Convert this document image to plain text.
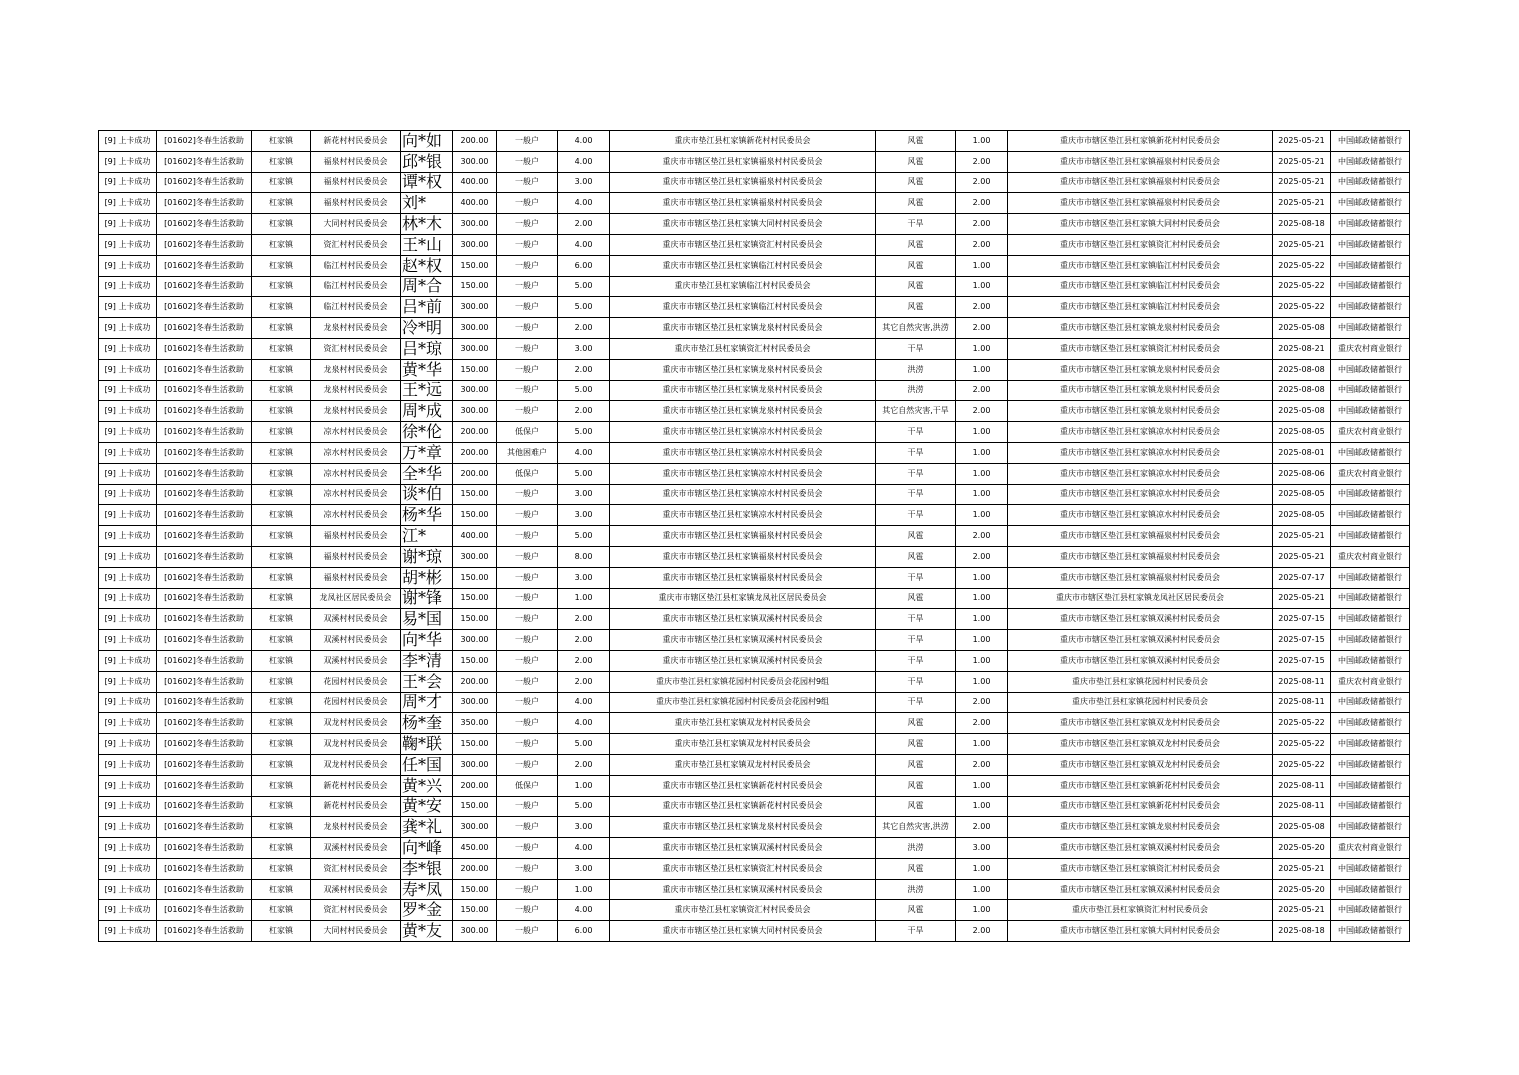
[9] 上卡成功	[01602]冬春生活救助	杠家镇	新花村村民委员会	向*如	200.00	一般户	4.00	重庆市垫江县杠家镇新花村村民委员会	风雹	1.00	重庆市市辖区垫江县杠家镇新花村村民委员会	2025-05-21	中国邮政储蓄银行
[9] 上卡成功	[01602]冬春生活救助	杠家镇	福泉村村民委员会	邱*银	300.00	一般户	4.00	重庆市市辖区垫江县杠家镇福泉村村民委员会	风雹	2.00	重庆市市辖区垫江县杠家镇福泉村村民委员会	2025-05-21	中国邮政储蓄银行
[9] 上卡成功	[01602]冬春生活救助	杠家镇	福泉村村民委员会	谭*权	400.00	一般户	3.00	重庆市市辖区垫江县杠家镇福泉村村民委员会	风雹	2.00	重庆市市辖区垫江县杠家镇福泉村村民委员会	2025-05-21	中国邮政储蓄银行
[9] 上卡成功	[01602]冬春生活救助	杠家镇	福泉村村民委员会	刘*	400.00	一般户	4.00	重庆市市辖区垫江县杠家镇福泉村村民委员会	风雹	2.00	重庆市市辖区垫江县杠家镇福泉村村民委员会	2025-05-21	中国邮政储蓄银行
[9] 上卡成功	[01602]冬春生活救助	杠家镇	大同村村民委员会	林*木	300.00	一般户	2.00	重庆市市辖区垫江县杠家镇大同村村民委员会	干旱	2.00	重庆市市辖区垫江县杠家镇大同村村民委员会	2025-08-18	中国邮政储蓄银行
[9] 上卡成功	[01602]冬春生活救助	杠家镇	资汇村村民委员会	王*山	300.00	一般户	4.00	重庆市市辖区垫江县杠家镇资汇村村民委员会	风雹	2.00	重庆市市辖区垫江县杠家镇资汇村村民委员会	2025-05-21	中国邮政储蓄银行
[9] 上卡成功	[01602]冬春生活救助	杠家镇	临江村村民委员会	赵*权	150.00	一般户	6.00	重庆市市辖区垫江县杠家镇临江村村民委员会	风雹	1.00	重庆市市辖区垫江县杠家镇临江村村民委员会	2025-05-22	中国邮政储蓄银行
[9] 上卡成功	[01602]冬春生活救助	杠家镇	临江村村民委员会	周*合	150.00	一般户	5.00	重庆市垫江县杠家镇临江村村民委员会	风雹	1.00	重庆市市辖区垫江县杠家镇临江村村民委员会	2025-05-22	中国邮政储蓄银行
[9] 上卡成功	[01602]冬春生活救助	杠家镇	临江村村民委员会	吕*前	300.00	一般户	5.00	重庆市市辖区垫江县杠家镇临江村村民委员会	风雹	2.00	重庆市市辖区垫江县杠家镇临江村村民委员会	2025-05-22	中国邮政储蓄银行
[9] 上卡成功	[01602]冬春生活救助	杠家镇	龙泉村村民委员会	冷*明	300.00	一般户	2.00	重庆市市辖区垫江县杠家镇龙泉村村民委员会	其它自然灾害,洪涝	2.00	重庆市市辖区垫江县杠家镇龙泉村村民委员会	2025-05-08	中国邮政储蓄银行
[9] 上卡成功	[01602]冬春生活救助	杠家镇	资汇村村民委员会	吕*琼	300.00	一般户	3.00	重庆市垫江县杠家镇资汇村村民委员会	干旱	1.00	重庆市市辖区垫江县杠家镇资汇村村民委员会	2025-08-21	重庆农村商业银行
[9] 上卡成功	[01602]冬春生活救助	杠家镇	龙泉村村民委员会	黄*华	150.00	一般户	2.00	重庆市市辖区垫江县杠家镇龙泉村村民委员会	洪涝	1.00	重庆市市辖区垫江县杠家镇龙泉村村民委员会	2025-08-08	中国邮政储蓄银行
[9] 上卡成功	[01602]冬春生活救助	杠家镇	龙泉村村民委员会	王*远	300.00	一般户	5.00	重庆市市辖区垫江县杠家镇龙泉村村民委员会	洪涝	2.00	重庆市市辖区垫江县杠家镇龙泉村村民委员会	2025-08-08	中国邮政储蓄银行
[9] 上卡成功	[01602]冬春生活救助	杠家镇	龙泉村村民委员会	周*成	300.00	一般户	2.00	重庆市市辖区垫江县杠家镇龙泉村村民委员会	其它自然灾害,干旱	2.00	重庆市市辖区垫江县杠家镇龙泉村村民委员会	2025-05-08	中国邮政储蓄银行
[9] 上卡成功	[01602]冬春生活救助	杠家镇	凉水村村民委员会	徐*伦	200.00	低保户	5.00	重庆市市辖区垫江县杠家镇凉水村村民委员会	干旱	1.00	重庆市市辖区垫江县杠家镇凉水村村民委员会	2025-08-05	重庆农村商业银行
[9] 上卡成功	[01602]冬春生活救助	杠家镇	凉水村村民委员会	万*章	200.00	其他困难户	4.00	重庆市市辖区垫江县杠家镇凉水村村民委员会	干旱	1.00	重庆市市辖区垫江县杠家镇凉水村村民委员会	2025-08-01	中国邮政储蓄银行
[9] 上卡成功	[01602]冬春生活救助	杠家镇	凉水村村民委员会	全*华	200.00	低保户	5.00	重庆市市辖区垫江县杠家镇凉水村村民委员会	干旱	1.00	重庆市市辖区垫江县杠家镇凉水村村民委员会	2025-08-06	重庆农村商业银行
[9] 上卡成功	[01602]冬春生活救助	杠家镇	凉水村村民委员会	谈*伯	150.00	一般户	3.00	重庆市市辖区垫江县杠家镇凉水村村民委员会	干旱	1.00	重庆市市辖区垫江县杠家镇凉水村村民委员会	2025-08-05	中国邮政储蓄银行
[9] 上卡成功	[01602]冬春生活救助	杠家镇	凉水村村民委员会	杨*华	150.00	一般户	3.00	重庆市市辖区垫江县杠家镇凉水村村民委员会	干旱	1.00	重庆市市辖区垫江县杠家镇凉水村村民委员会	2025-08-05	中国邮政储蓄银行
[9] 上卡成功	[01602]冬春生活救助	杠家镇	福泉村村民委员会	江*	400.00	一般户	5.00	重庆市市辖区垫江县杠家镇福泉村村民委员会	风雹	2.00	重庆市市辖区垫江县杠家镇福泉村村民委员会	2025-05-21	中国邮政储蓄银行
[9] 上卡成功	[01602]冬春生活救助	杠家镇	福泉村村民委员会	谢*琼	300.00	一般户	8.00	重庆市市辖区垫江县杠家镇福泉村村民委员会	风雹	2.00	重庆市市辖区垫江县杠家镇福泉村村民委员会	2025-05-21	重庆农村商业银行
[9] 上卡成功	[01602]冬春生活救助	杠家镇	福泉村村民委员会	胡*彬	150.00	一般户	3.00	重庆市市辖区垫江县杠家镇福泉村村民委员会	干旱	1.00	重庆市市辖区垫江县杠家镇福泉村村民委员会	2025-07-17	中国邮政储蓄银行
[9] 上卡成功	[01602]冬春生活救助	杠家镇	龙凤社区居民委员会	谢*锋	150.00	一般户	1.00	重庆市市辖区垫江县杠家镇龙凤社区居民委员会	风雹	1.00	重庆市市辖区垫江县杠家镇龙凤社区居民委员会	2025-05-21	中国邮政储蓄银行
[9] 上卡成功	[01602]冬春生活救助	杠家镇	双溪村村民委员会	易*国	150.00	一般户	2.00	重庆市市辖区垫江县杠家镇双溪村村民委员会	干旱	1.00	重庆市市辖区垫江县杠家镇双溪村村民委员会	2025-07-15	中国邮政储蓄银行
[9] 上卡成功	[01602]冬春生活救助	杠家镇	双溪村村民委员会	向*华	300.00	一般户	2.00	重庆市市辖区垫江县杠家镇双溪村村民委员会	干旱	1.00	重庆市市辖区垫江县杠家镇双溪村村民委员会	2025-07-15	中国邮政储蓄银行
[9] 上卡成功	[01602]冬春生活救助	杠家镇	双溪村村民委员会	李*清	150.00	一般户	2.00	重庆市市辖区垫江县杠家镇双溪村村民委员会	干旱	1.00	重庆市市辖区垫江县杠家镇双溪村村民委员会	2025-07-15	中国邮政储蓄银行
[9] 上卡成功	[01602]冬春生活救助	杠家镇	花园村村民委员会	王*会	200.00	一般户	2.00	重庆市垫江县杠家镇花园村村民委员会花园村9组	干旱	1.00	重庆市垫江县杠家镇花园村村民委员会	2025-08-11	重庆农村商业银行
[9] 上卡成功	[01602]冬春生活救助	杠家镇	花园村村民委员会	周*才	300.00	一般户	4.00	重庆市垫江县杠家镇花园村村民委员会花园村9组	干旱	2.00	重庆市垫江县杠家镇花园村村民委员会	2025-08-11	中国邮政储蓄银行
[9] 上卡成功	[01602]冬春生活救助	杠家镇	双龙村村民委员会	杨*奎	350.00	一般户	4.00	重庆市垫江县杠家镇双龙村村民委员会	风雹	2.00	重庆市市辖区垫江县杠家镇双龙村村民委员会	2025-05-22	中国邮政储蓄银行
[9] 上卡成功	[01602]冬春生活救助	杠家镇	双龙村村民委员会	鞠*联	150.00	一般户	5.00	重庆市垫江县杠家镇双龙村村民委员会	风雹	1.00	重庆市市辖区垫江县杠家镇双龙村村民委员会	2025-05-22	中国邮政储蓄银行
[9] 上卡成功	[01602]冬春生活救助	杠家镇	双龙村村民委员会	任*国	300.00	一般户	2.00	重庆市垫江县杠家镇双龙村村民委员会	风雹	2.00	重庆市市辖区垫江县杠家镇双龙村村民委员会	2025-05-22	中国邮政储蓄银行
[9] 上卡成功	[01602]冬春生活救助	杠家镇	新花村村民委员会	黄*兴	200.00	低保户	1.00	重庆市市辖区垫江县杠家镇新花村村民委员会	风雹	1.00	重庆市市辖区垫江县杠家镇新花村村民委员会	2025-08-11	中国邮政储蓄银行
[9] 上卡成功	[01602]冬春生活救助	杠家镇	新花村村民委员会	黄*安	150.00	一般户	5.00	重庆市市辖区垫江县杠家镇新花村村民委员会	风雹	1.00	重庆市市辖区垫江县杠家镇新花村村民委员会	2025-08-11	中国邮政储蓄银行
[9] 上卡成功	[01602]冬春生活救助	杠家镇	龙泉村村民委员会	龚*礼	300.00	一般户	3.00	重庆市市辖区垫江县杠家镇龙泉村村民委员会	其它自然灾害,洪涝	2.00	重庆市市辖区垫江县杠家镇龙泉村村民委员会	2025-05-08	中国邮政储蓄银行
[9] 上卡成功	[01602]冬春生活救助	杠家镇	双溪村村民委员会	向*峰	450.00	一般户	4.00	重庆市市辖区垫江县杠家镇双溪村村民委员会	洪涝	3.00	重庆市市辖区垫江县杠家镇双溪村村民委员会	2025-05-20	重庆农村商业银行
[9] 上卡成功	[01602]冬春生活救助	杠家镇	资汇村村民委员会	李*银	200.00	一般户	3.00	重庆市市辖区垫江县杠家镇资汇村村民委员会	风雹	1.00	重庆市市辖区垫江县杠家镇资汇村村民委员会	2025-05-21	中国邮政储蓄银行
[9] 上卡成功	[01602]冬春生活救助	杠家镇	双溪村村民委员会	寿*凤	150.00	一般户	1.00	重庆市市辖区垫江县杠家镇双溪村村民委员会	洪涝	1.00	重庆市市辖区垫江县杠家镇双溪村村民委员会	2025-05-20	中国邮政储蓄银行
[9] 上卡成功	[01602]冬春生活救助	杠家镇	资汇村村民委员会	罗*金	150.00	一般户	4.00	重庆市垫江县杠家镇资汇村村民委员会	风雹	1.00	重庆市垫江县杠家镇资汇村村民委员会	2025-05-21	中国邮政储蓄银行
[9] 上卡成功	[01602]冬春生活救助	杠家镇	大同村村民委员会	黄*友	300.00	一般户	6.00	重庆市市辖区垫江县杠家镇大同村村民委员会	干旱	2.00	重庆市市辖区垫江县杠家镇大同村村民委员会	2025-08-18	中国邮政储蓄银行
